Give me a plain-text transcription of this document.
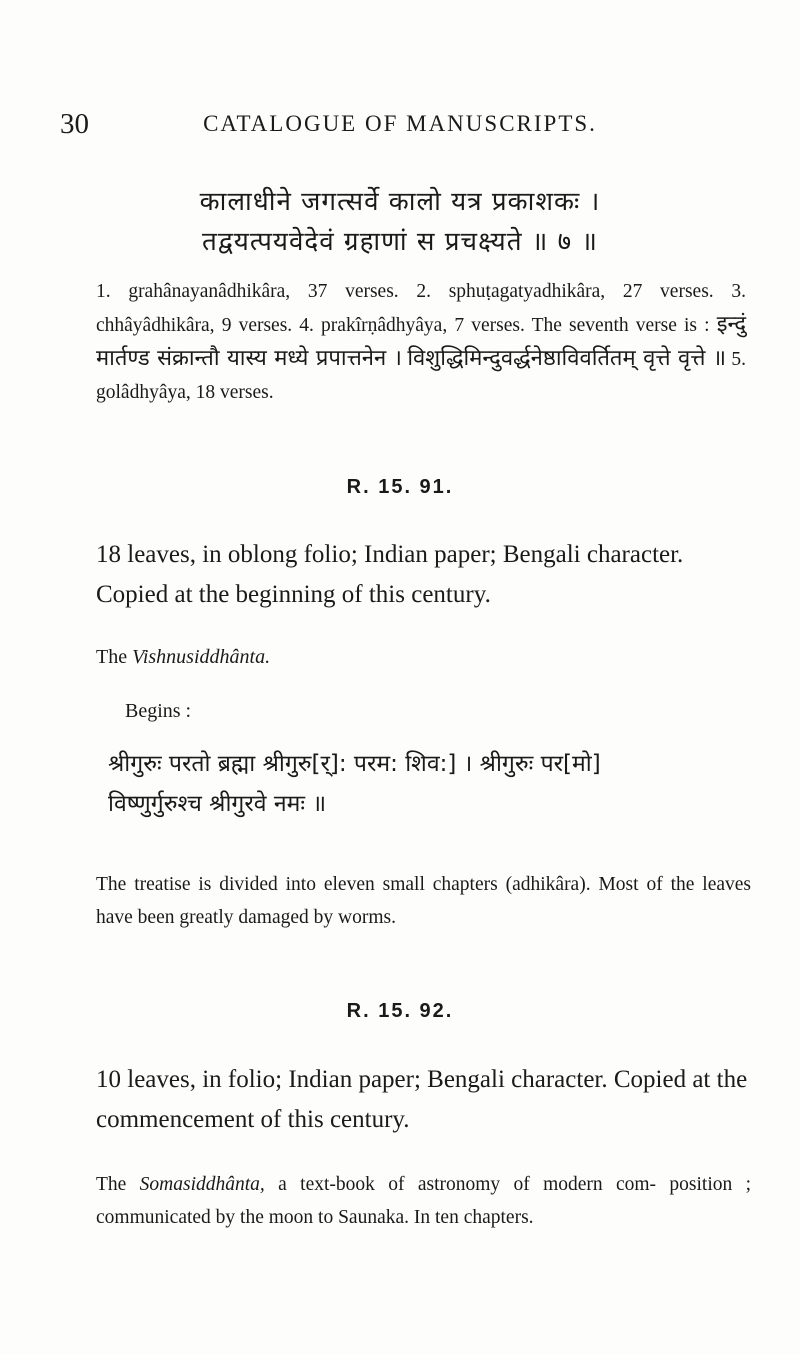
30	CATALOGUE OF MANUSCRIPTS.
कालाधीने जगत्सर्वे कालो यत्र प्रकाशकः ।
तद्वयत्पयवेदेवं ग्रहाणां स प्रचक्ष्यते ॥ ७ ॥
1. grahânayanâdhikâra, 37 verses. 2. sphuṭagatyadhikâra, 27 verses. 3. chhâyâdhikâra, 9 verses. 4. prakîrṇâdhyâya, 7 verses. The seventh verse is : इन्दुं मार्तण्ड संक्रान्तौ यास्य मध्ये प्रपात्तनेन । विशुद्धिमिन्दुवर्द्धनेष्ठाविवर्तितम् वृत्ते वृत्ते ॥ 5. golâdhyâya, 18 verses.
R. 15. 91.
18 leaves, in oblong folio; Indian paper; Bengali character. Copied at the beginning of this century.
The Vishnusiddhânta.
Begins :
श्रीगुरुः परतो ब्रह्मा श्रीगुरु[र्]: परम: शिव:] । श्रीगुरुः पर[मो]
विष्णुर्गुरुश्च श्रीगुरवे नमः ॥
The treatise is divided into eleven small chapters (adhikâra). Most of the leaves have been greatly damaged by worms.
R. 15. 92.
10 leaves, in folio; Indian paper; Bengali character. Copied at the commencement of this century.
The Somasiddhânta, a text-book of astronomy of modern com- position ; communicated by the moon to Saunaka. In ten chapters.
